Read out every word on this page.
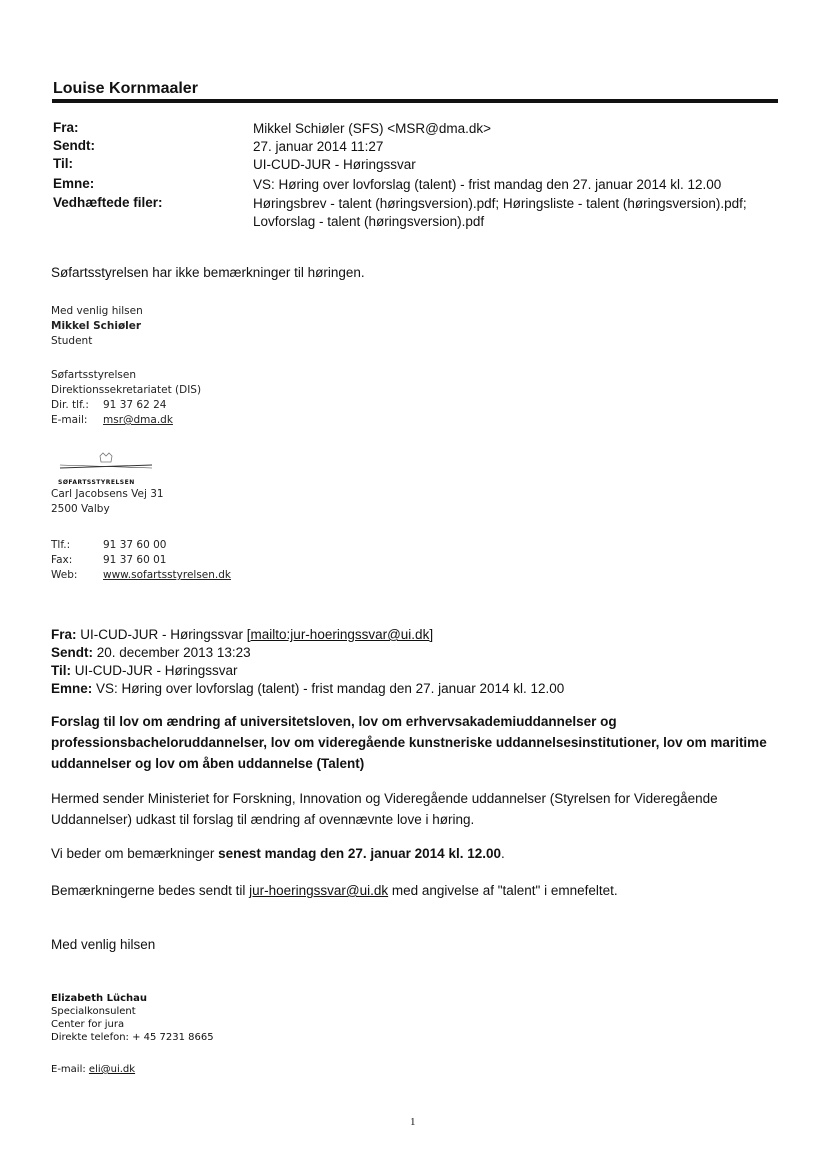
Louise Kornmaaler
Fra:	Mikkel Schiøler (SFS) <MSR@dma.dk>
Sendt:	27. januar 2014 11:27
Til:	UI-CUD-JUR - Høringssvar
Emne:	VS: Høring over lovforslag (talent) - frist mandag den 27. januar 2014 kl. 12.00
Vedhæftede filer:	Høringsbrev - talent (høringsversion).pdf; Høringsliste - talent (høringsversion).pdf;
Lovforslag - talent (høringsversion).pdf
Søfartsstyrelsen har ikke bemærkninger til høringen.
Med venlig hilsen
Mikkel Schiøler
Student
Søfartsstyrelsen
Direktionssekretariatet (DIS)
Dir. tlf.: 91 37 62 24
E-mail: msr@dma.dk
SØFARTSSTYRELSEN
Carl Jacobsens Vej 31
2500 Valby
Tlf.:	91 37 60 00
Fax:	91 37 60 01
Web: www.sofartsstyrelsen.dk
Fra: UI-CUD-JUR - Høringssvar [mailto:jur-hoeringssvar@ui.dk]
Sendt: 20. december 2013 13:23
Til: UI-CUD-JUR - Høringssvar
Emne: VS: Høring over lovforslag (talent) - frist mandag den 27. januar 2014 kl. 12.00
Forslag til lov om ændring af universitetsloven, lov om erhvervsakademiuddannelser og professionsbacheloruddannelser, lov om videregående kunstneriske uddannelsesinstitutioner, lov om maritime uddannelser og lov om åben uddannelse (Talent)
Hermed sender Ministeriet for Forskning, Innovation og Videregående uddannelser (Styrelsen for Videregående Uddannelser) udkast til forslag til ændring af ovennævnte love i høring.
Vi beder om bemærkninger senest mandag den 27. januar 2014 kl. 12.00.
Bemærkningerne bedes sendt til jur-hoeringssvar@ui.dk med angivelse af "talent" i emnefeltet.
Med venlig hilsen
Elizabeth Lüchau
Specialkonsulent
Center for jura
Direkte telefon: + 45 7231 8665
E-mail: eli@ui.dk
1
